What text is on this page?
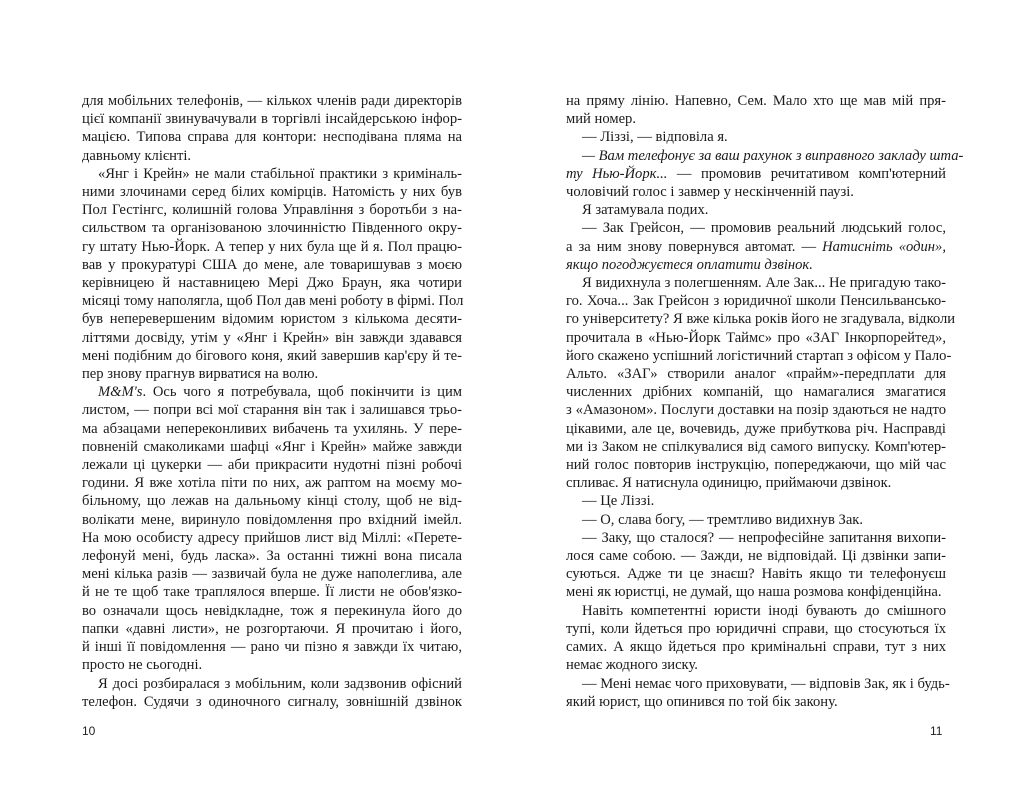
для мобільних телефонів, — кількох членів ради директорів
цієї компанії звинувачували в торгівлі інсайдерською інфор-
мацією. Типова справа для контори: несподівана пляма на
давньому клієнті.
«Янг і Крейн» не мали стабільної практики з криміналь-
ними злочинами серед білих комірців. Натомість у них був
Пол Гестінгс, колишній голова Управління з боротьби з на-
сильством та організованою злочинністю Південного окру-
гу штату Нью-Йорк. А тепер у них була ще й я. Пол працю-
вав у прокуратурі США до мене, але товаришував з моєю
керівницею й наставницею Мері Джо Браун, яка чотири
місяці тому наполягла, щоб Пол дав мені роботу в фірмі. Пол
був неперевершеним відомим юристом з кількома десяти-
літтями досвіду, утім у «Янг і Крейн» він завжди здавався
мені подібним до бігового коня, який завершив кар'єру й те-
пер знову прагнув вирватися на волю.
M&M's. Ось чого я потребувала, щоб покінчити із цим
листом, — попри всі мої старання він так і залишався трьо-
ма абзацами непереконливих вибачень та ухилянь. У пере-
повненій смаколиками шафці «Янг і Крейн» майже завжди
лежали ці цукерки — аби прикрасити нудотні пізні робочі
години. Я вже хотіла піти по них, аж раптом на моєму мо-
більному, що лежав на дальньому кінці столу, щоб не від-
волікати мене, виринуло повідомлення про вхідний імейл.
На мою особисту адресу прийшов лист від Міллі: «Перете-
лефонуй мені, будь ласка». За останні тижні вона писала
мені кілька разів — зазвичай була не дуже наполеглива, але
й не те щоб таке траплялося вперше. Її листи не обов'язко-
во означали щось невідкладне, тож я перекинула його до
папки «давні листи», не розгортаючи. Я прочитаю і його,
й інші її повідомлення — рано чи пізно я завжди їх читаю,
просто не сьогодні.
Я досі розбиралася з мобільним, коли задзвонив офісний
телефон. Судячи з одиночного сигналу, зовнішній дзвінок
на пряму лінію. Напевно, Сем. Мало хто ще мав мій пря-
мий номер.
— Ліззі, — відповіла я.
— Вам телефонує за ваш рахунок з виправного закладу шта-
ту Нью-Йорк... — промовив речитативом комп'ютерний
чоловічий голос і завмер у нескінченній паузі.
Я затамувала подих.
— Зак Грейсон, — промовив реальний людський голос,
а за ним знову повернувся автомат. — Натисніть «один»,
якщо погоджуєтеся оплатити дзвінок.
Я видихнула з полегшенням. Але Зак... Не пригадую тако-
го. Хоча... Зак Грейсон з юридичної школи Пенсильвансько-
го університету? Я вже кілька років його не згадувала, відколи
прочитала в «Нью-Йорк Таймс» про «ЗАГ Інкорпорейтед»,
його скажено успішний логістичний стартап з офісом у Пало-
Альто. «ЗАГ» створили аналог «прайм»-передплати для
численних дрібних компаній, що намагалися змагатися
з «Амазоном». Послуги доставки на позір здаються не надто
цікавими, але це, вочевидь, дуже прибуткова річ. Насправді
ми із Заком не спілкувалися від самого випуску. Комп'ютер-
ний голос повторив інструкцію, попереджаючи, що мій час
спливає. Я натиснула одиницю, приймаючи дзвінок.
— Це Ліззі.
— О, слава богу, — тремтливо видихнув Зак.
— Заку, що сталося? — непрофесійне запитання вихопи-
лося саме собою. — Зажди, не відповідай. Ці дзвінки запи-
суються. Адже ти це знаєш? Навіть якщо ти телефонуєш
мені як юристці, не думай, що наша розмова конфіденційна.
Навіть компетентні юристи іноді бувають до смішного
тупі, коли йдеться про юридичні справи, що стосуються їх
самих. А якщо йдеться про кримінальні справи, тут з них
немає жодного зиску.
— Мені немає чого приховувати, — відповів Зак, як і будь-
який юрист, що опинився по той бік закону.
10	11
